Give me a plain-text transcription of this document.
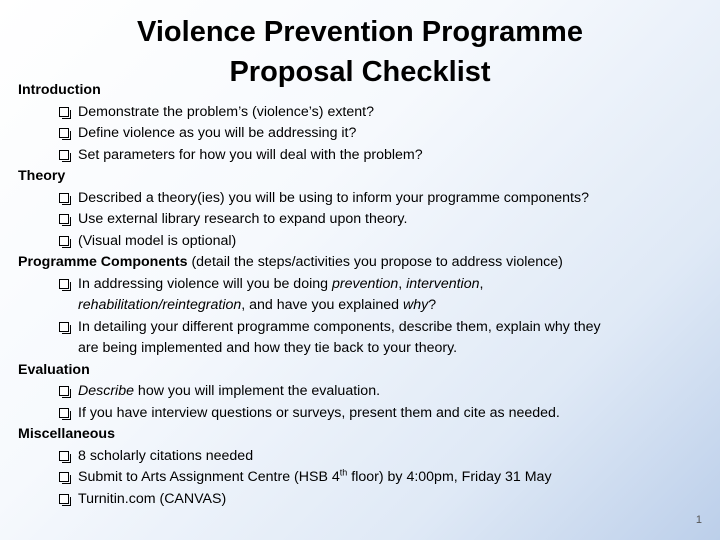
Violence Prevention Programme
Proposal Checklist
Introduction
Demonstrate the problem’s (violence’s) extent?
Define violence as you will be addressing it?
Set parameters for how you will deal with the problem?
Theory
Described a theory(ies) you will be using to inform your programme components?
Use external library research to expand upon theory.
(Visual model is optional)
Programme Components (detail the steps/activities you propose to address violence)
In addressing violence will you be doing prevention, intervention,
rehabilitation/reintegration, and have you explained why?
In detailing your different programme components, describe them, explain why they
are being implemented and how they tie back to your theory.
Evaluation
Describe how you will implement the evaluation.
If you have interview questions or surveys, present them and cite as needed.
Miscellaneous
8 scholarly citations needed
Submit to Arts Assignment Centre (HSB 4th floor) by 4:00pm, Friday 31 May
Turnitin.com (CANVAS)
1
